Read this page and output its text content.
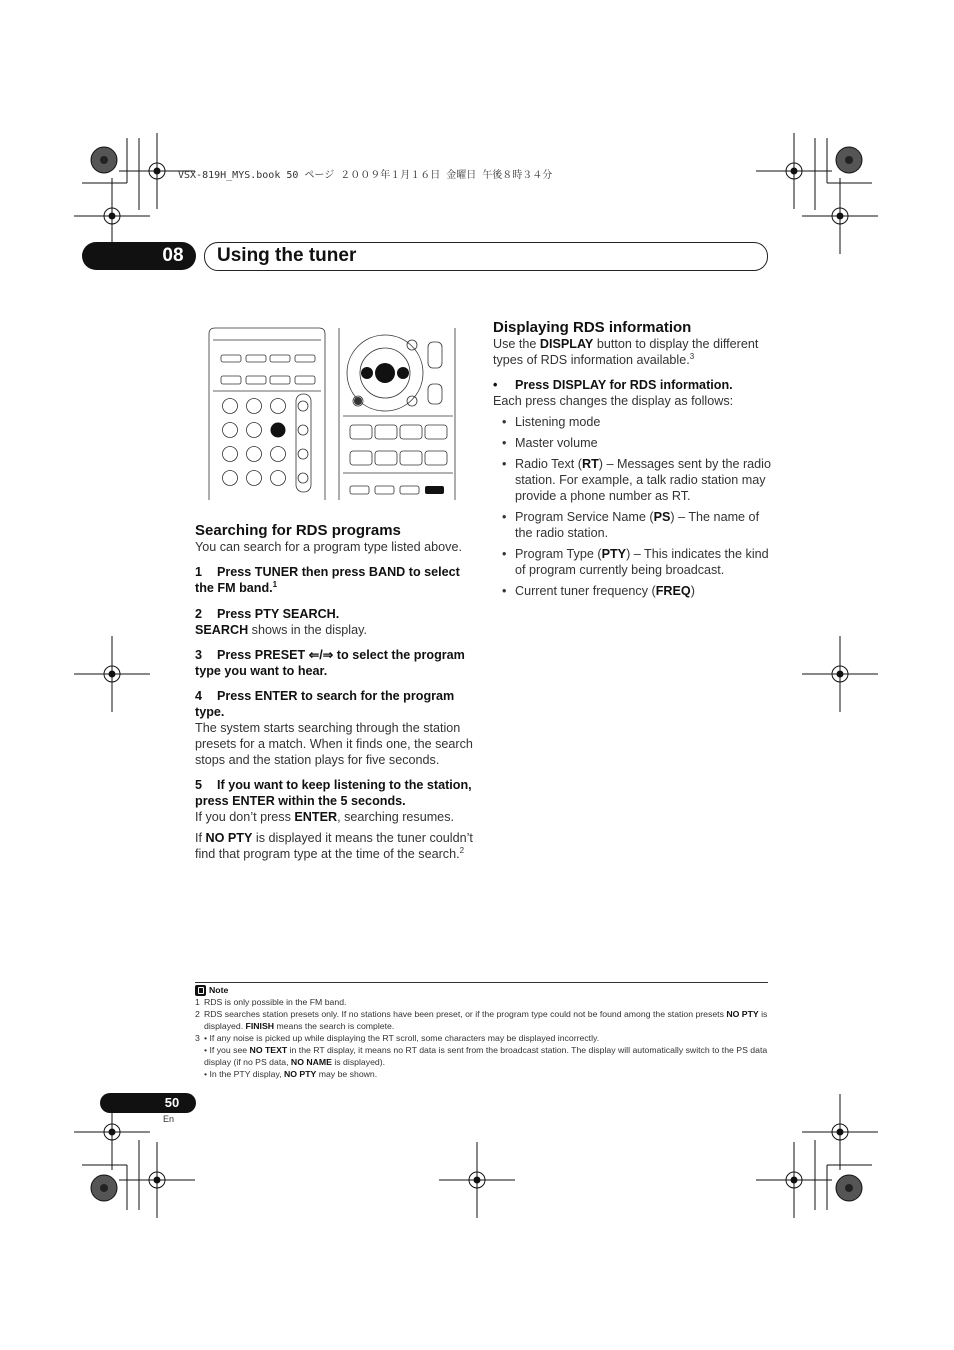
VSX-819H_MYS.book 50 ページ ２００９年１月１６日 金曜日 午後８時３４分
08	Using the tuner
Searching for RDS programs

You can search for a program type listed above.

1 Press TUNER then press BAND to select the FM band.$^1$

2 Press PTY SEARCH.

SEARCH shows in the display.

3 Press PRESET ⇐/⇒ to select the program type you want to hear.

4 Press ENTER to search for the program type.

The system starts searching through the station presets for a match. When it finds one, the search stops and the station plays for five seconds.

5 If you want to keep listening to the station, press ENTER within the 5 seconds.

If you don’t press ENTER, searching resumes.

If NO PTY is displayed it means the tuner couldn’t find that program type at the time of the search.$^2$

Displaying RDS information

Use the DISPLAY button to display the different types of RDS information available.$^3$

• Press DISPLAY for RDS information.

Each press changes the display as follows:

• Listening mode

• Master volume

• Radio Text (RT) – Messages sent by the radio station. For example, a talk radio station may provide a phone number as RT.

• Program Service Name (PS) – The name of the radio station.

• Program Type (PTY) – This indicates the kind of program currently being broadcast.

• Current tuner frequency (FREQ)

Note

1 RDS is only possible in the FM band.
2 RDS searches station presets only. If no stations have been preset, or if the program type could not be found among the station presets NO PTY is displayed. FINISH means the search is complete.
3 • If any noise is picked up while displaying the RT scroll, some characters may be displayed incorrectly.

• If you see NO TEXT in the RT display, it means no RT data is sent from the broadcast station. The display will automatically switch to the PS data display (if no PS data, NO NAME is displayed).

• In the PTY display, NO PTY may be shown.

50
En
